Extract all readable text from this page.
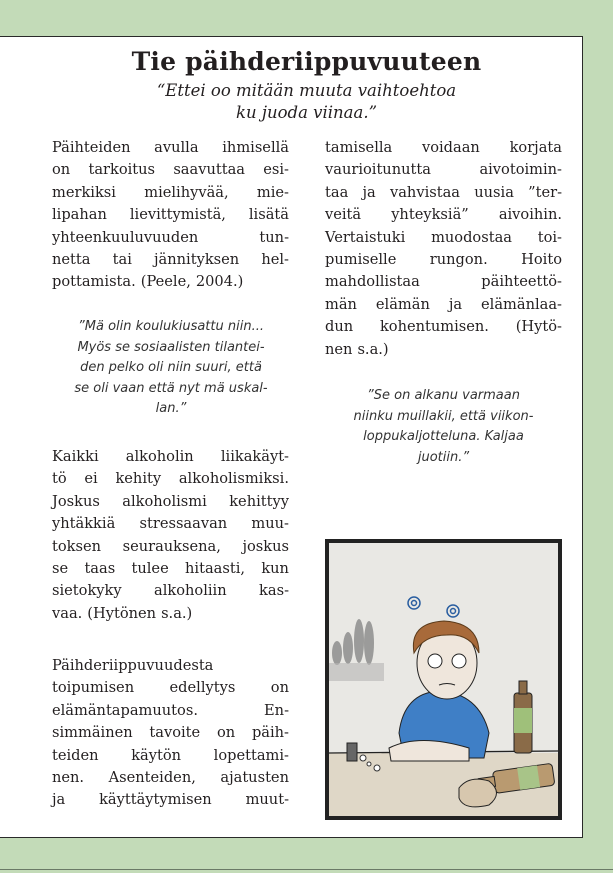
Tie päihderiippuvuuteen
“Ettei oo mitään muuta vaihtoehtoa
ku juoda viinaa.”
Päihteiden avulla ihmisellä
on tarkoitus saavuttaa esi-
merkiksi mielihyvää, mie-
lipahan lievittymistä, lisätä
yhteenkuuluvuuden	tun-
netta tai jännityksen hel-
pottamista. (Peele, 2004.)
”Mä olin koulukiusattu niin...
Myös se sosiaalisten tilantei-
den pelko oli niin suuri, että
se oli vaan että nyt mä uskal-
lan.”
Kaikki alkoholin liikakäyt-
tö ei kehity alkoholismiksi.
Joskus alkoholismi kehittyy
yhtäkkiä stressaavan muu-
toksen seurauksena, joskus
se taas tulee hitaasti, kun
sietokyky alkoholiin kas-
vaa. (Hytönen s.a.)
Päihderiippuvuudesta
toipumisen edellytys on
elämäntapamuutos.	En-
simmäinen tavoite on päih-
teiden käytön lopettami-
nen. Asenteiden, ajatusten
ja käyttäytymisen muut-
tamisella voidaan korjata
vaurioitunutta	aivotoimin-
taa ja vahvistaa uusia ”ter-
veitä yhteyksiä” aivoihin.
Vertaistuki muodostaa toi-
pumiselle rungon. Hoito
mahdollistaa	päihteettö-
män elämän ja elämänlaa-
dun kohentumisen. (Hytö-
nen s.a.)
”Se on alkanu varmaan
niinku muillakii, että viikon-
loppukaljotteluna. Kaljaa
juotiin.”
